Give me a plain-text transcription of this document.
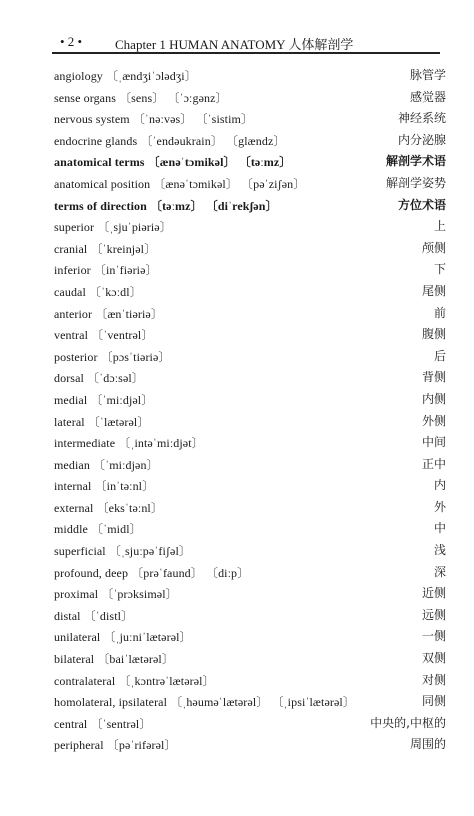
• 2 •	Chapter 1 HUMAN ANATOMY 人体解剖学
angiology 〔ˌændʒiˈɔlədʒi〕	脉管学
sense organs 〔sens〕 〔ˈɔːgənz〕	感觉器
nervous system 〔ˈnəːvəs〕 〔ˈsistim〕	神经系统
endocrine glands 〔ˈendəukrain〕 〔glændz〕	内分泌腺
anatomical terms 〔ænəˈtɔmikəl〕 〔təːmz〕	解剖学术语
anatomical position 〔ænəˈtɔmikəl〕 〔pəˈziʃən〕	解剖学姿势
terms of direction 〔təːmz〕 〔diˈrekʃən〕	方位术语
superior 〔ˌsjuˈpiəriə〕	上
cranial 〔ˈkreinjəl〕	颅侧
inferior 〔inˈfiəriə〕	下
caudal 〔ˈkɔːdl〕	尾侧
anterior 〔ænˈtiəriə〕	前
ventral 〔ˈventrəl〕	腹侧
posterior 〔pɔsˈtiəriə〕	后
dorsal 〔ˈdɔːsəl〕	背侧
medial 〔ˈmiːdjəl〕	内侧
lateral 〔ˈlætərəl〕	外侧
intermediate 〔ˌintəˈmiːdjət〕	中间
median 〔ˈmiːdjən〕	正中
internal 〔inˈtəːnl〕	内
external 〔eksˈtəːnl〕	外
middle 〔ˈmidl〕	中
superficial 〔ˌsjuːpəˈfiʃəl〕	浅
profound, deep 〔prəˈfaund〕 〔diːp〕	深
proximal 〔ˈprɔksiməl〕	近侧
distal 〔ˈdistl〕	远侧
unilateral 〔ˌjuːniˈlætərəl〕	一侧
bilateral 〔baiˈlætərəl〕	双侧
contralateral 〔ˌkɔntrəˈlætərəl〕	对侧
homolateral, ipsilateral 〔ˌhəuməˈlætərəl〕 〔ˌipsiˈlætərəl〕	同侧
central 〔ˈsentrəl〕	中央的,中枢的
peripheral 〔pəˈrifərəl〕	周围的
